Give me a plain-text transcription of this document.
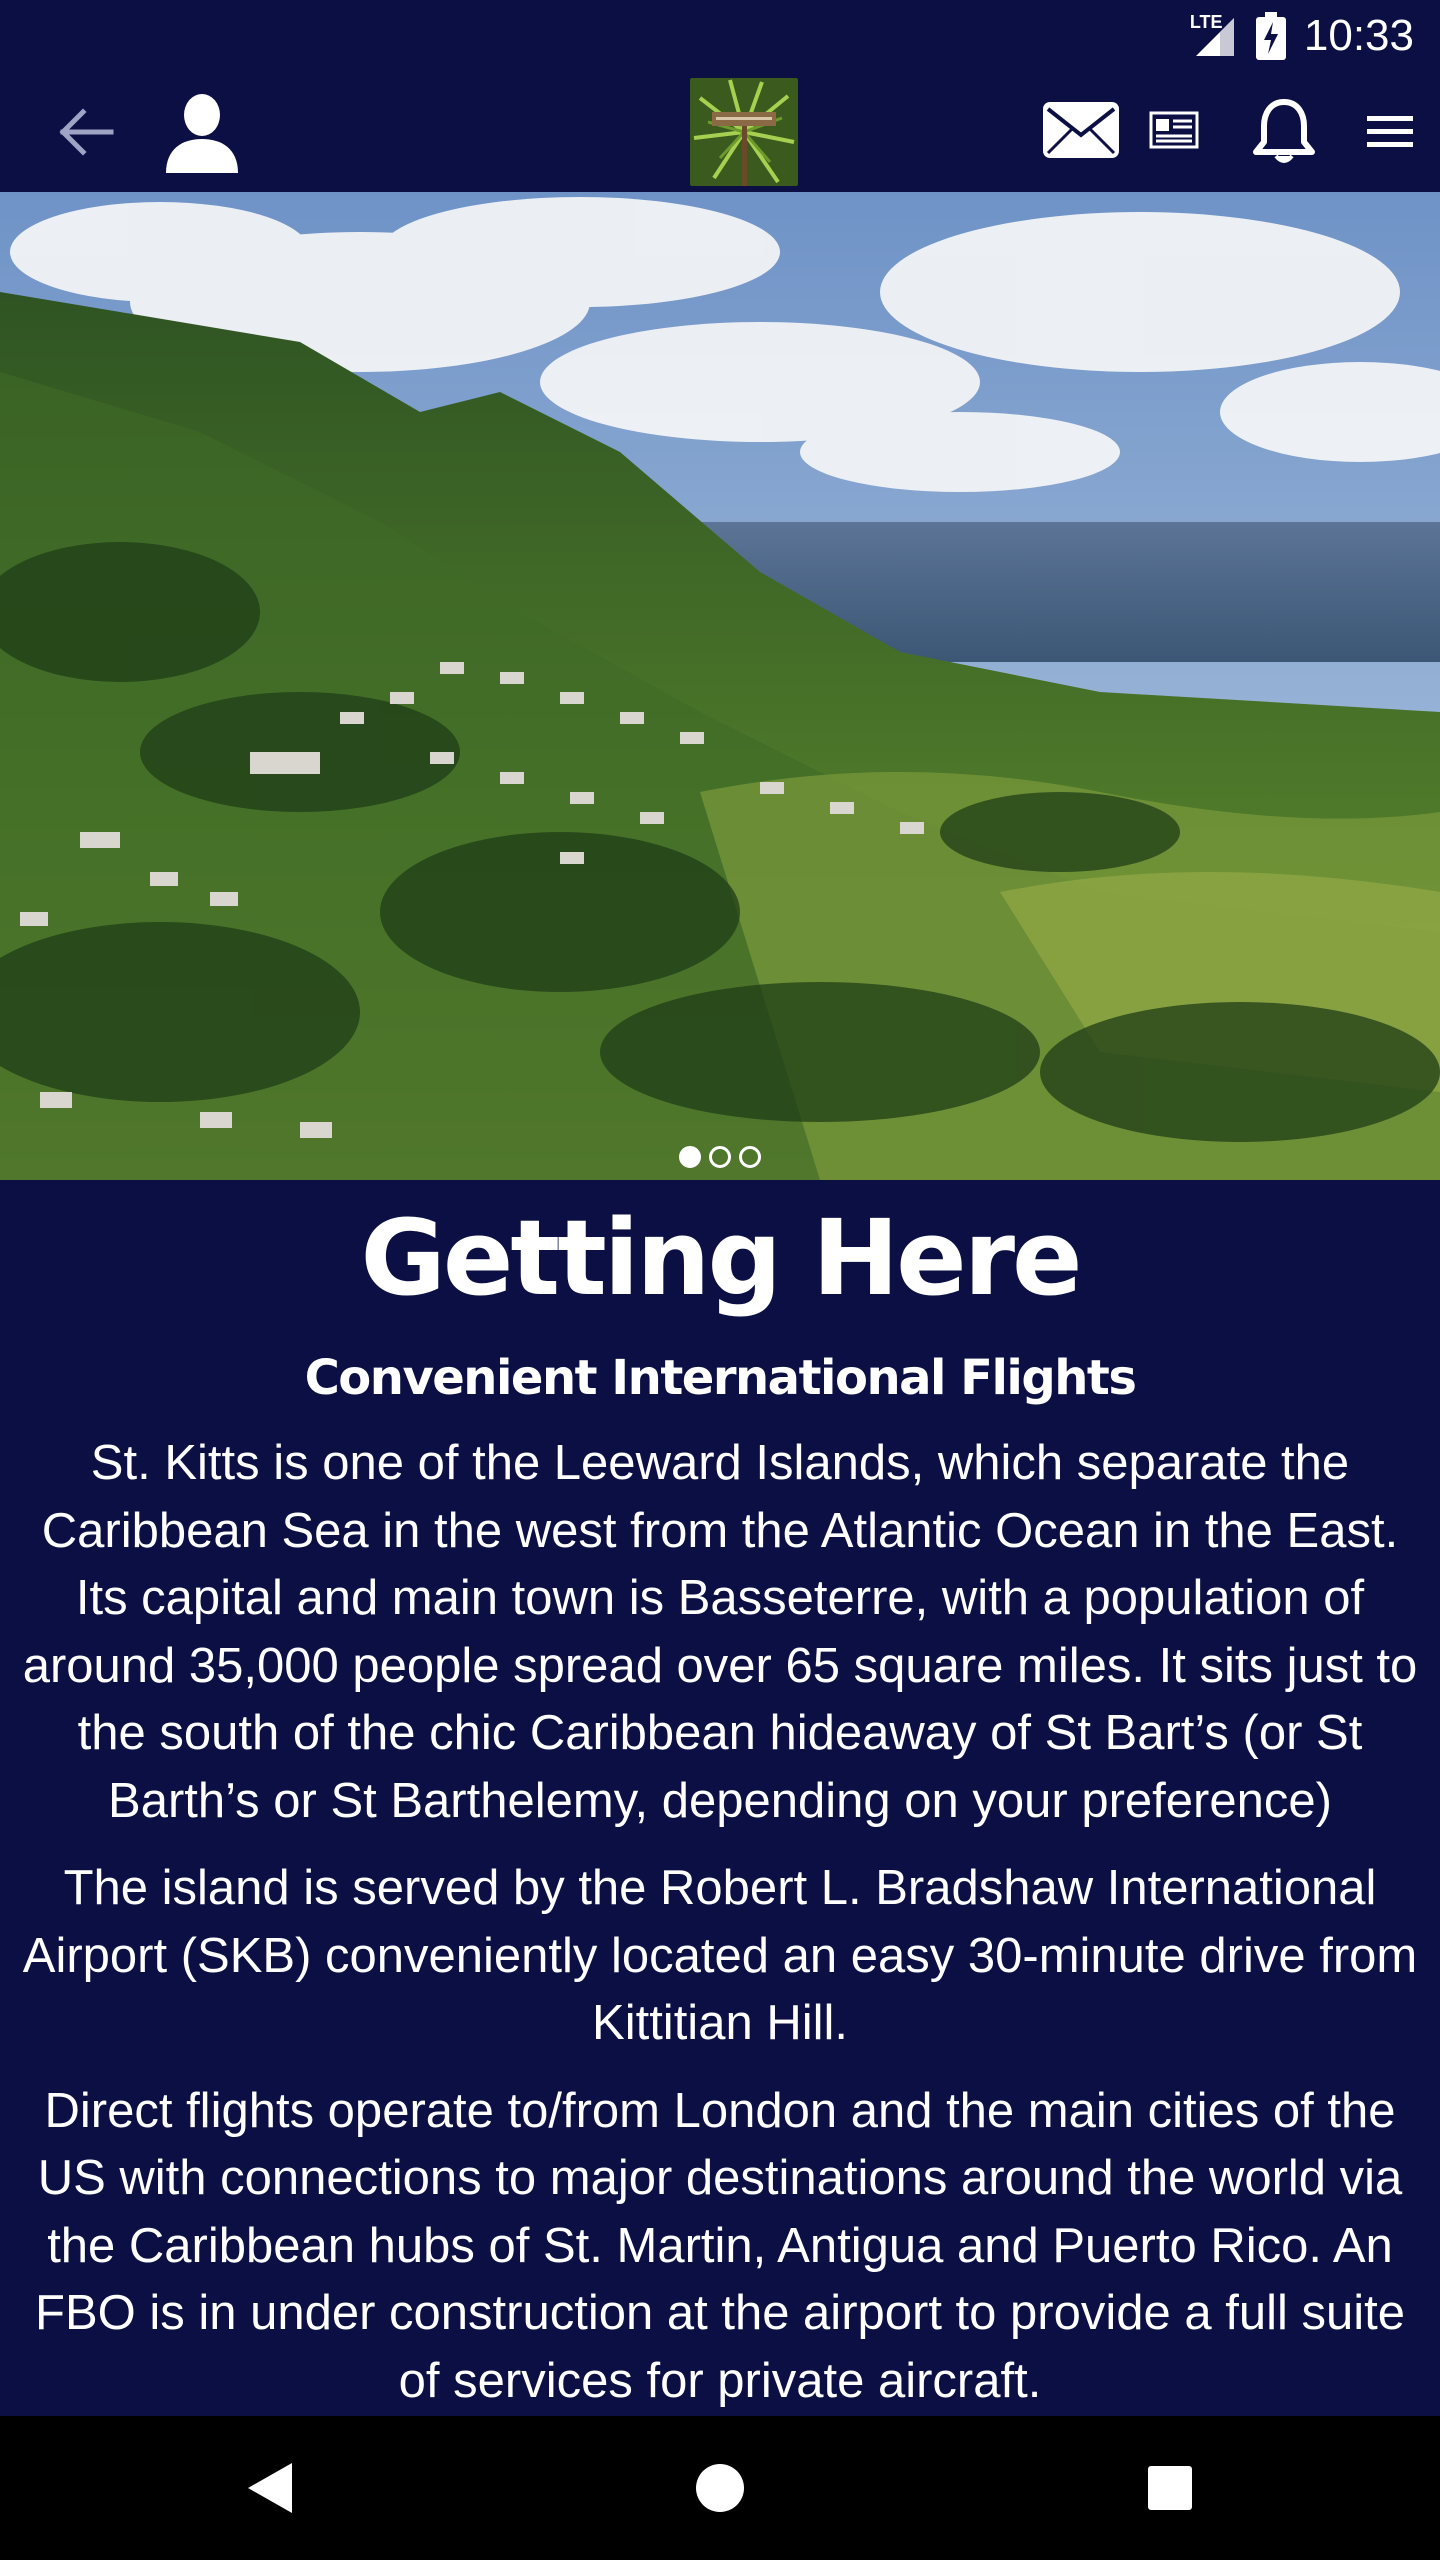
LTE 10:33
Getting Here
Convenient International Flights

St. Kitts is one of the Leeward Islands, which separate the Caribbean Sea in the west from the Atlantic Ocean in the East. Its capital and main town is Basseterre, with a population of around 35,000 people spread over 65 square miles. It sits just to the south of the chic Caribbean hideaway of St Bart’s (or St Barth’s or St Barthelemy, depending on your preference)

The island is served by the Robert L. Bradshaw International Airport (SKB) conveniently located an easy 30-minute drive from Kittitian Hill.

Direct flights operate to/from London and the main cities of the US with connections to major destinations around the world via the Caribbean hubs of St. Martin, Antigua and Puerto Rico. An FBO is in under construction at the airport to provide a full suite of services for private aircraft.
